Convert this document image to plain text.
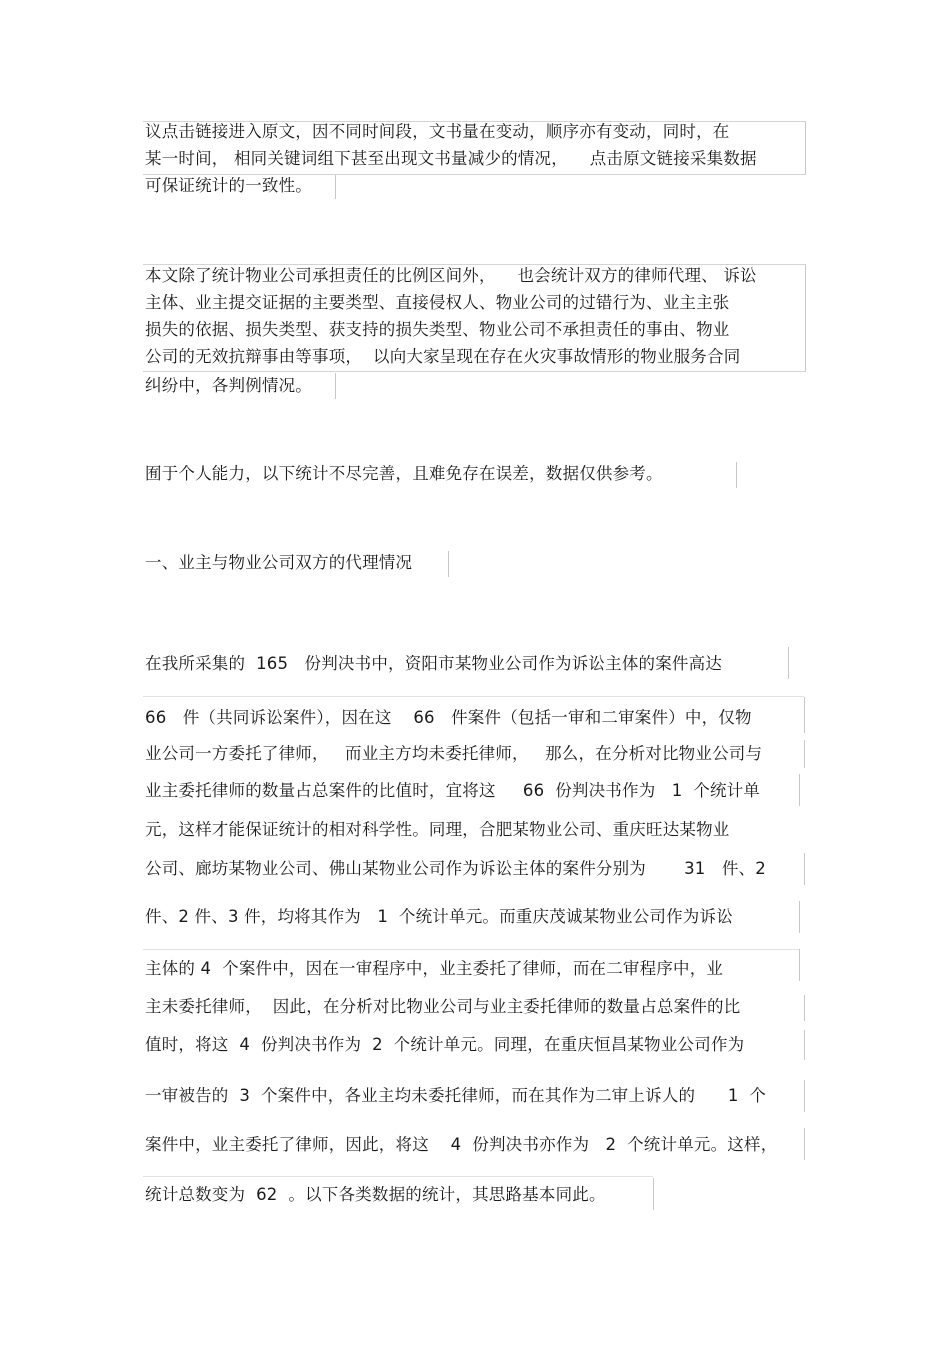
议点击链接进入原文，因不同时间段，文书量在变动，顺序亦有变动，同时，在
某一时间， 相同关键词组下甚至出现文书量减少的情况，    点击原文链接采集数据
可保证统计的一致性。
本文除了统计物业公司承担责任的比例区间外，    也会统计双方的律师代理、 诉讼
主体、业主提交证据的主要类型、直接侵权人、物业公司的过错行为、业主主张
损失的依据、损失类型、获支持的损失类型、物业公司不承担责任的事由、物业
公司的无效抗辩事由等事项，  以向大家呈现在存在火灾事故情形的物业服务合同
纠纷中，各判例情况。
囿于个人能力，以下统计不尽完善，且难免存在误差，数据仅供参考。
一、业主与物业公司双方的代理情况
在我所采集的  165   份判决书中，资阳市某物业公司作为诉讼主体的案件高达
66   件（共同诉讼案件），因在这    66   件案件（包括一审和二审案件）中，仅物
业公司一方委托了律师，   而业主方均未委托律师，   那么，在分析对比物业公司与
业主委托律师的数量占总案件的比值时，宜将这     66  份判决书作为   1  个统计单
元，这样才能保证统计的相对科学性。同理，合肥某物业公司、重庆旺达某物业
公司、廊坊某物业公司、佛山某物业公司作为诉讼主体的案件分别为       31   件、2
件、2 件、3 件，均将其作为   1  个统计单元。而重庆茂诚某物业公司作为诉讼
主体的 4  个案件中，因在一审程序中，业主委托了律师，而在二审程序中，业
主未委托律师，  因此，在分析对比物业公司与业主委托律师的数量占总案件的比
值时，将这  4  份判决书作为  2  个统计单元。同理，在重庆恒昌某物业公司作为
一审被告的  3  个案件中，各业主均未委托律师，而在其作为二审上诉人的      1  个
案件中，业主委托了律师，因此，将这    4  份判决书亦作为   2  个统计单元。这样，
统计总数变为  62  。以下各类数据的统计，其思路基本同此。
